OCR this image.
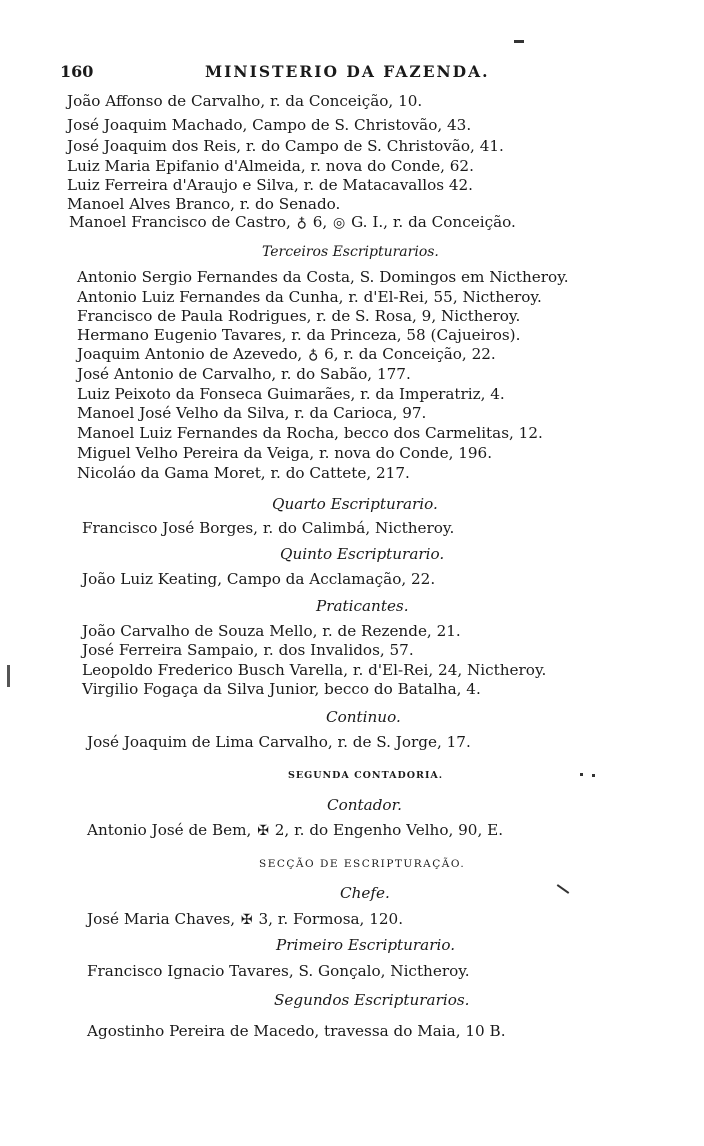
160	MINISTERIO DA FAZENDA.
João Affonso de Carvalho, r. da Conceição, 10.
José Joaquim Machado, Campo de S. Christovão, 43.
José Joaquim dos Reis, r. do Campo de S. Christovão, 41.
Luiz Maria Epifanio d'Almeida, r. nova do Conde, 62.
Luiz Ferreira d'Araujo e Silva, r. de Matacavallos 42.
Manoel Alves Branco, r. do Senado.
Manoel Francisco de Castro, ♁ 6, ◎ G. I., r. da Conceição.
Terceiros Escripturarios.
Antonio Sergio Fernandes da Costa, S. Domingos em Nictheroy.
Antonio Luiz Fernandes da Cunha, r. d'El-Rei, 55, Nictheroy.
Francisco de Paula Rodrigues, r. de S. Rosa, 9, Nictheroy.
Hermano Eugenio Tavares, r. da Princeza, 58 (Cajueiros).
Joaquim Antonio de Azevedo, ♁ 6, r. da Conceição, 22.
José Antonio de Carvalho, r. do Sabão, 177.
Luiz Peixoto da Fonseca Guimarães, r. da Imperatriz, 4.
Manoel José Velho da Silva, r. da Carioca, 97.
Manoel Luiz Fernandes da Rocha, becco dos Carmelitas, 12.
Miguel Velho Pereira da Veiga, r. nova do Conde, 196.
Nicoláo da Gama Moret, r. do Cattete, 217.
Quarto Escripturario.
Francisco José Borges, r. do Calimbá, Nictheroy.
Quinto Escripturario.
João Luiz Keating, Campo da Acclamação, 22.
Praticantes.
João Carvalho de Souza Mello, r. de Rezende, 21.
José Ferreira Sampaio, r. dos Invalidos, 57.
Leopoldo Frederico Busch Varella, r. d'El-Rei, 24, Nictheroy.
Virgilio Fogaça da Silva Junior, becco do Batalha, 4.
Continuo.
José Joaquim de Lima Carvalho, r. de S. Jorge, 17.
SEGUNDA CONTADORIA.
Contador.
Antonio José de Bem, ✠ 2, r. do Engenho Velho, 90, E.
SECÇÃO DE ESCRIPTURAÇÃO.
Chefe.
José Maria Chaves, ✠ 3, r. Formosa, 120.
Primeiro Escripturario.
Francisco Ignacio Tavares, S. Gonçalo, Nictheroy.
Segundos Escripturarios.
Agostinho Pereira de Macedo, travessa do Maia, 10 B.
